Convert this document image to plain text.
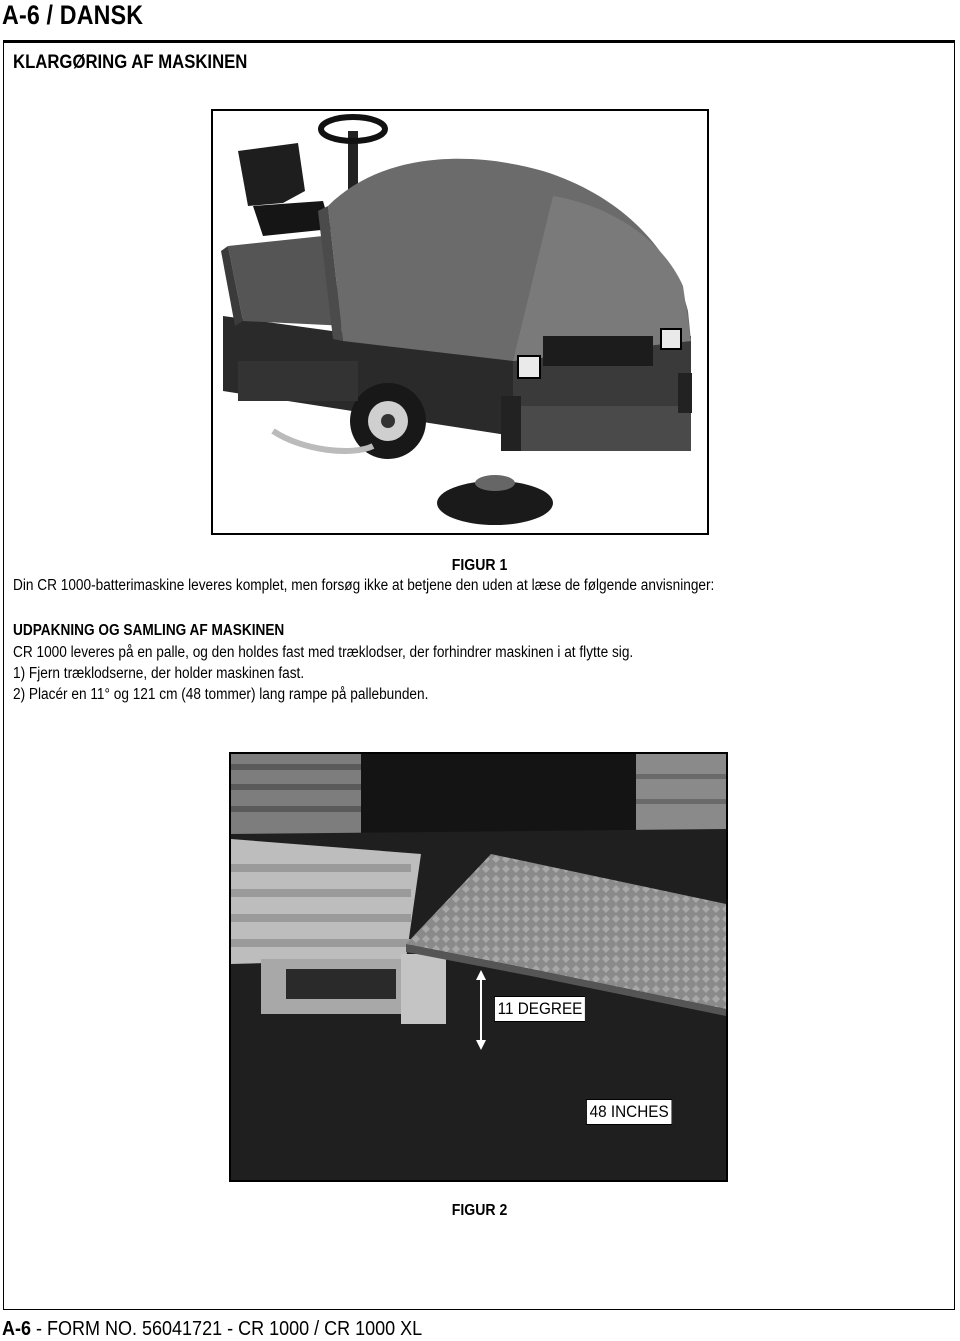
A-6 / DANSK
KLARGØRING AF MASKINEN
FIGUR 1
Din CR 1000-batterimaskine leveres komplet, men forsøg ikke at betjene den uden at læse de følgende anvisninger:
UDPAKNING OG SAMLING AF MASKINEN
CR 1000 leveres på en palle, og den holdes fast med træklodser, der forhindrer maskinen i at flytte sig.
1) Fjern træklodserne, der holder maskinen fast.
2) Placér en 11° og 121 cm (48 tommer) lang rampe på pallebunden.
11 DEGREE
48 INCHES
FIGUR 2
A-6 - FORM NO. 56041721 - CR 1000 / CR 1000 XL
